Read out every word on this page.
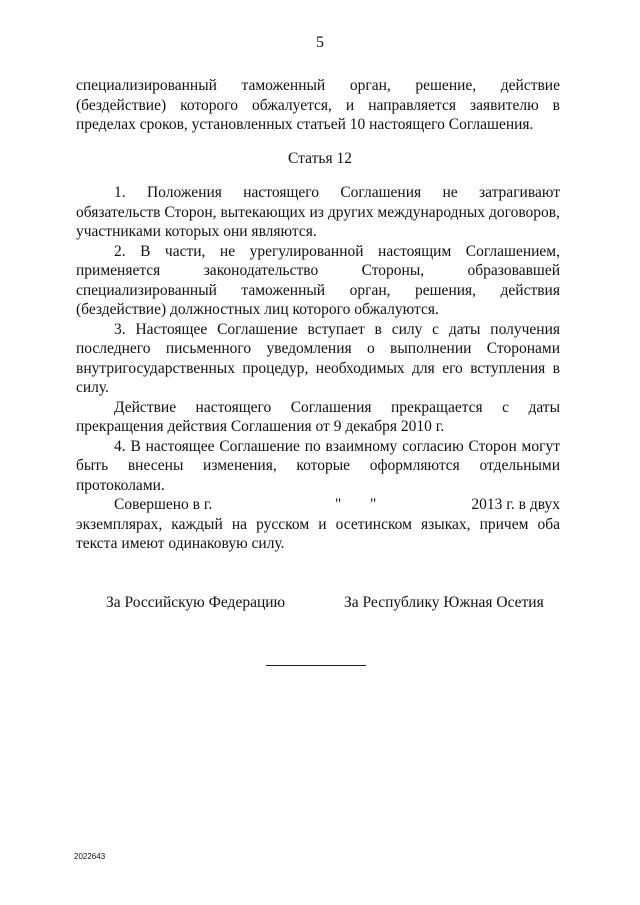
5

специализированный таможенный орган, решение, действие (бездействие) которого обжалуется, и направляется заявителю в пределах сроков, установленных статьей 10 настоящего Соглашения.

Статья 12

1. Положения настоящего Соглашения не затрагивают обязательств Сторон, вытекающих из других международных договоров, участниками которых они являются.

2. В части, не урегулированной настоящим Соглашением, применяется законодательство Стороны, образовавшей специализированный таможенный орган, решения, действия (бездействие) должностных лиц которого обжалуются.

3. Настоящее Соглашение вступает в силу с даты получения последнего письменного уведомления о выполнении Сторонами внутригосударственных процедур, необходимых для его вступления в силу.

Действие настоящего Соглашения прекращается с даты прекращения действия Соглашения от 9 декабря 2010 г.

4. В настоящее Соглашение по взаимному согласию Сторон могут быть внесены изменения, которые оформляются отдельными протоколами.

Совершено в г.	" "	2013 г. в двух

экземплярах, каждый на русском и осетинском языках, причем оба текста имеют одинаковую силу.

За Российскую Федерацию	За Республику Южная Осетия
2022643
